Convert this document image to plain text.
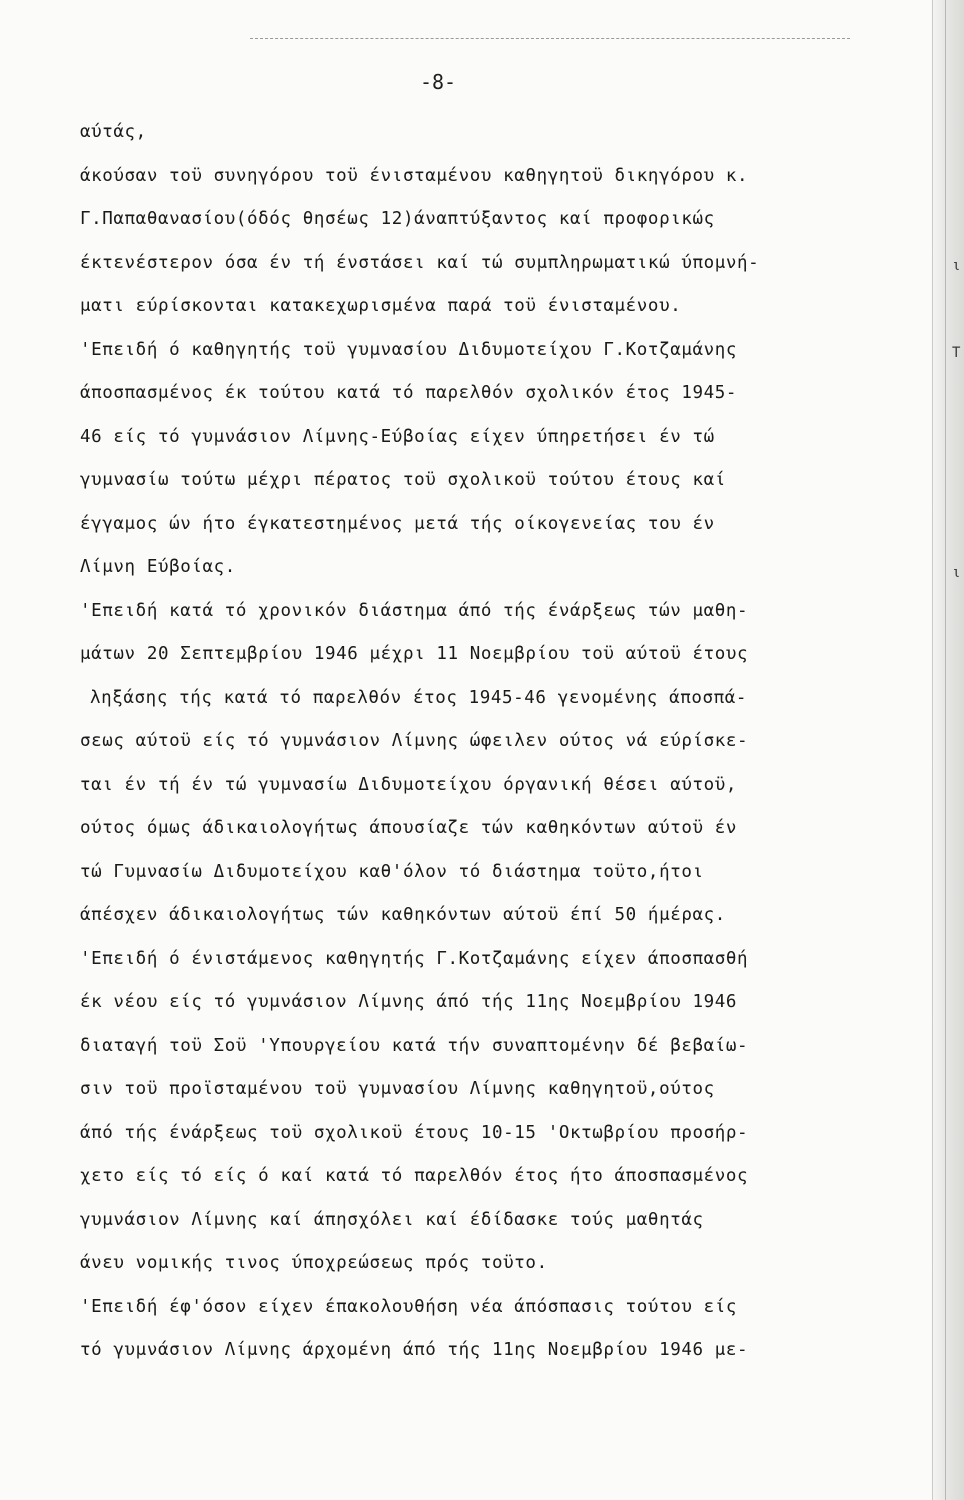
ι
Τ
ι
-8-
αύτάς,
άκούσαν τοϋ συνηγόρου τοϋ ένισταμένου καθηγητοϋ δικηγόρου κ.
Γ.Παπαθανασίου(όδός θησέως 12)άναπτύξαντος καί προφορικώς
έκτενέστερον όσα έν τή ένστάσει καί τώ συμπληρωματικώ ύπομνή-
ματι εύρίσκονται κατακεχωρισμένα παρά τοϋ ένισταμένου.
'Επειδή ό καθηγητής τοϋ γυμνασίου Διδυμοτείχου Γ.Κοτζαμάνης
άποσπασμένος έκ τούτου κατά τό παρελθόν σχολικόν έτος 1945-
46 είς τό γυμνάσιον Λίμνης-Εύβοίας είχεν ύπηρετήσει έν τώ
γυμνασίω τούτω μέχρι πέρατος τοϋ σχολικοϋ τούτου έτους καί
έγγαμος ών ήτο έγκατεστημένος μετά τής οίκογενείας του έν
Λίμνη Εύβοίας.
'Επειδή κατά τό χρονικόν διάστημα άπό τής ένάρξεως τών μαθη-
μάτων 20 Σεπτεμβρίου 1946 μέχρι 11 Νοεμβρίου τοϋ αύτοϋ έτους
ληξάσης τής κατά τό παρελθόν έτος 1945-46 γενομένης άποσπά-
σεως αύτοϋ είς τό γυμνάσιον Λίμνης ώφειλεν ούτος νά εύρίσκε-
ται έν τή έν τώ γυμνασίω Διδυμοτείχου όργανική θέσει αύτοϋ,
ούτος όμως άδικαιολογήτως άπουσίαζε τών καθηκόντων αύτοϋ έν
τώ Γυμνασίω Διδυμοτείχου καθ'όλον τό διάστημα τοϋτο,ήτοι
άπέσχεν άδικαιολογήτως τών καθηκόντων αύτοϋ έπί 50 ήμέρας.
'Επειδή ό ένιστάμενος καθηγητής Γ.Κοτζαμάνης είχεν άποσπασθή
έκ νέου είς τό γυμνάσιον Λίμνης άπό τής 11ης Νοεμβρίου 1946
διαταγή τοϋ Σοϋ 'Υπουργείου κατά τήν συναπτομένην δέ βεβαίω-
σιν τοϋ προϊσταμένου τοϋ γυμνασίου Λίμνης καθηγητοϋ,ούτος
άπό τής ένάρξεως τοϋ σχολικοϋ έτους 10-15 'Οκτωβρίου προσήρ-
χετο είς τό είς ό καί κατά τό παρελθόν έτος ήτο άποσπασμένος
γυμνάσιον Λίμνης καί άπησχόλει καί έδίδασκε τούς μαθητάς
άνευ νομικής τινος ύποχρεώσεως πρός τοϋτο.
'Επειδή έφ'όσον είχεν έπακολουθήση νέα άπόσπασις τούτου είς
τό γυμνάσιον Λίμνης άρχομένη άπό τής 11ης Νοεμβρίου 1946 με-
